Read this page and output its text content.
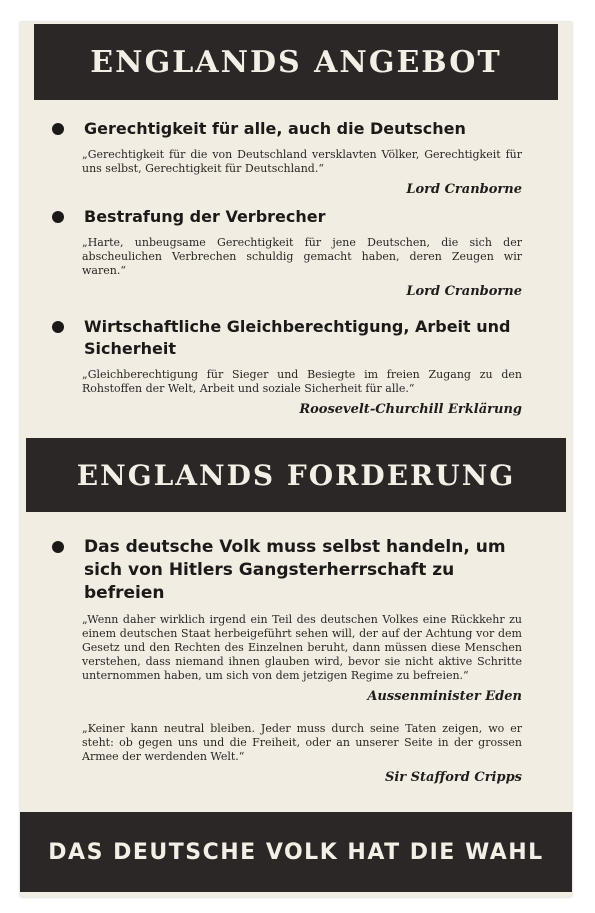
ENGLANDS ANGEBOT
Gerechtigkeit für alle, auch die Deutschen
„Gerechtigkeit für die von Deutschland versklavten Völker, Gerechtigkeit für uns selbst, Gerechtigkeit für Deutschland.“
Lord Cranborne
Bestrafung der Verbrecher
„Harte, unbeugsame Gerechtigkeit für jene Deutschen, die sich der abscheulichen Verbrechen schuldig gemacht haben, deren Zeugen wir waren.“
Lord Cranborne
Wirtschaftliche Gleichberechtigung, Arbeit und Sicherheit
„Gleichberechtigung für Sieger und Besiegte im freien Zugang zu den Rohstoffen der Welt, Arbeit und soziale Sicherheit für alle.“
Roosevelt-Churchill Erklärung
ENGLANDS FORDERUNG
Das deutsche Volk muss selbst handeln, um sich von Hitlers Gangsterherrschaft zu befreien
„Wenn daher wirklich irgend ein Teil des deutschen Volkes eine Rückkehr zu einem deutschen Staat herbeigeführt sehen will, der auf der Achtung vor dem Gesetz und den Rechten des Einzelnen beruht, dann müssen diese Menschen verstehen, dass niemand ihnen glauben wird, bevor sie nicht aktive Schritte unternommen haben, um sich von dem jetzigen Regime zu befreien.“
Aussenminister Eden
„Keiner kann neutral bleiben. Jeder muss durch seine Taten zeigen, wo er steht: ob gegen uns und die Freiheit, oder an unserer Seite in der grossen Armee der werdenden Welt.“
Sir Stafford Cripps
DAS DEUTSCHE VOLK HAT DIE WAHL
